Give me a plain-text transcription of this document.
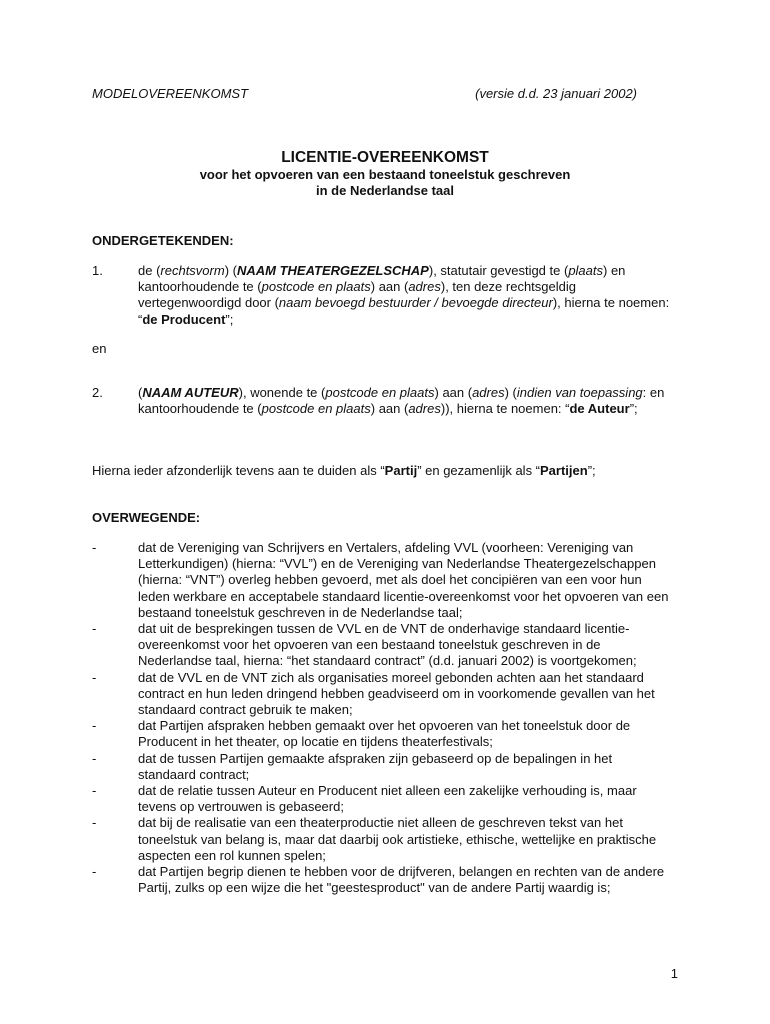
MODELOVEREENKOMST	(versie d.d. 23 januari 2002)
LICENTIE-OVEREENKOMST
voor het opvoeren van een bestaand toneelstuk geschreven
in de Nederlandse taal
ONDERGETEKENDEN:
1.	de (rechtsvorm) (NAAM THEATERGEZELSCHAP), statutair gevestigd te (plaats) en kantoorhoudende te (postcode en plaats) aan (adres), ten deze rechtsgeldig vertegenwoordigd door (naam bevoegd bestuurder / bevoegde directeur), hierna te noemen: “de Producent”;
en
2.	(NAAM AUTEUR), wonende te (postcode en plaats) aan (adres) (indien van toepassing: en kantoorhoudende te (postcode en plaats) aan (adres)), hierna te noemen: “de Auteur”;
Hierna ieder afzonderlijk tevens aan te duiden als “Partij” en gezamenlijk als “Partijen”;
OVERWEGENDE:
-	dat de Vereniging van Schrijvers en Vertalers, afdeling VVL (voorheen: Vereniging van Letterkundigen) (hierna: “VVL”) en de Vereniging van Nederlandse Theatergezelschappen (hierna: “VNT”) overleg hebben gevoerd, met als doel het concipiëren van een voor hun leden werkbare en acceptabele standaard licentie-overeenkomst voor het opvoeren van een bestaand toneelstuk geschreven in de Nederlandse taal;
-	dat uit de besprekingen tussen de VVL en de VNT de onderhavige standaard licentie-overeenkomst voor het opvoeren van een bestaand toneelstuk geschreven in de Nederlandse taal, hierna: “het standaard contract” (d.d. januari 2002) is voortgekomen;
-	dat de VVL en de VNT zich als organisaties moreel gebonden achten aan het standaard contract en hun leden dringend hebben geadviseerd om in voorkomende gevallen van het standaard contract gebruik te maken;
-	dat Partijen afspraken hebben gemaakt over het opvoeren van het toneelstuk door de Producent in het theater, op locatie en tijdens theaterfestivals;
-	dat de tussen Partijen gemaakte afspraken zijn gebaseerd op de bepalingen in het standaard contract;
-	dat de relatie tussen Auteur en Producent niet alleen een zakelijke verhouding is, maar tevens op vertrouwen is gebaseerd;
-	dat bij de realisatie van een theaterproductie niet alleen de geschreven tekst van het toneelstuk van belang is, maar dat daarbij ook artistieke, ethische, wettelijke en praktische aspecten een rol kunnen spelen;
-	dat Partijen begrip dienen te hebben voor de drijfveren, belangen en rechten van de andere Partij, zulks op een wijze die het "geestesproduct" van de andere Partij waardig is;
1
